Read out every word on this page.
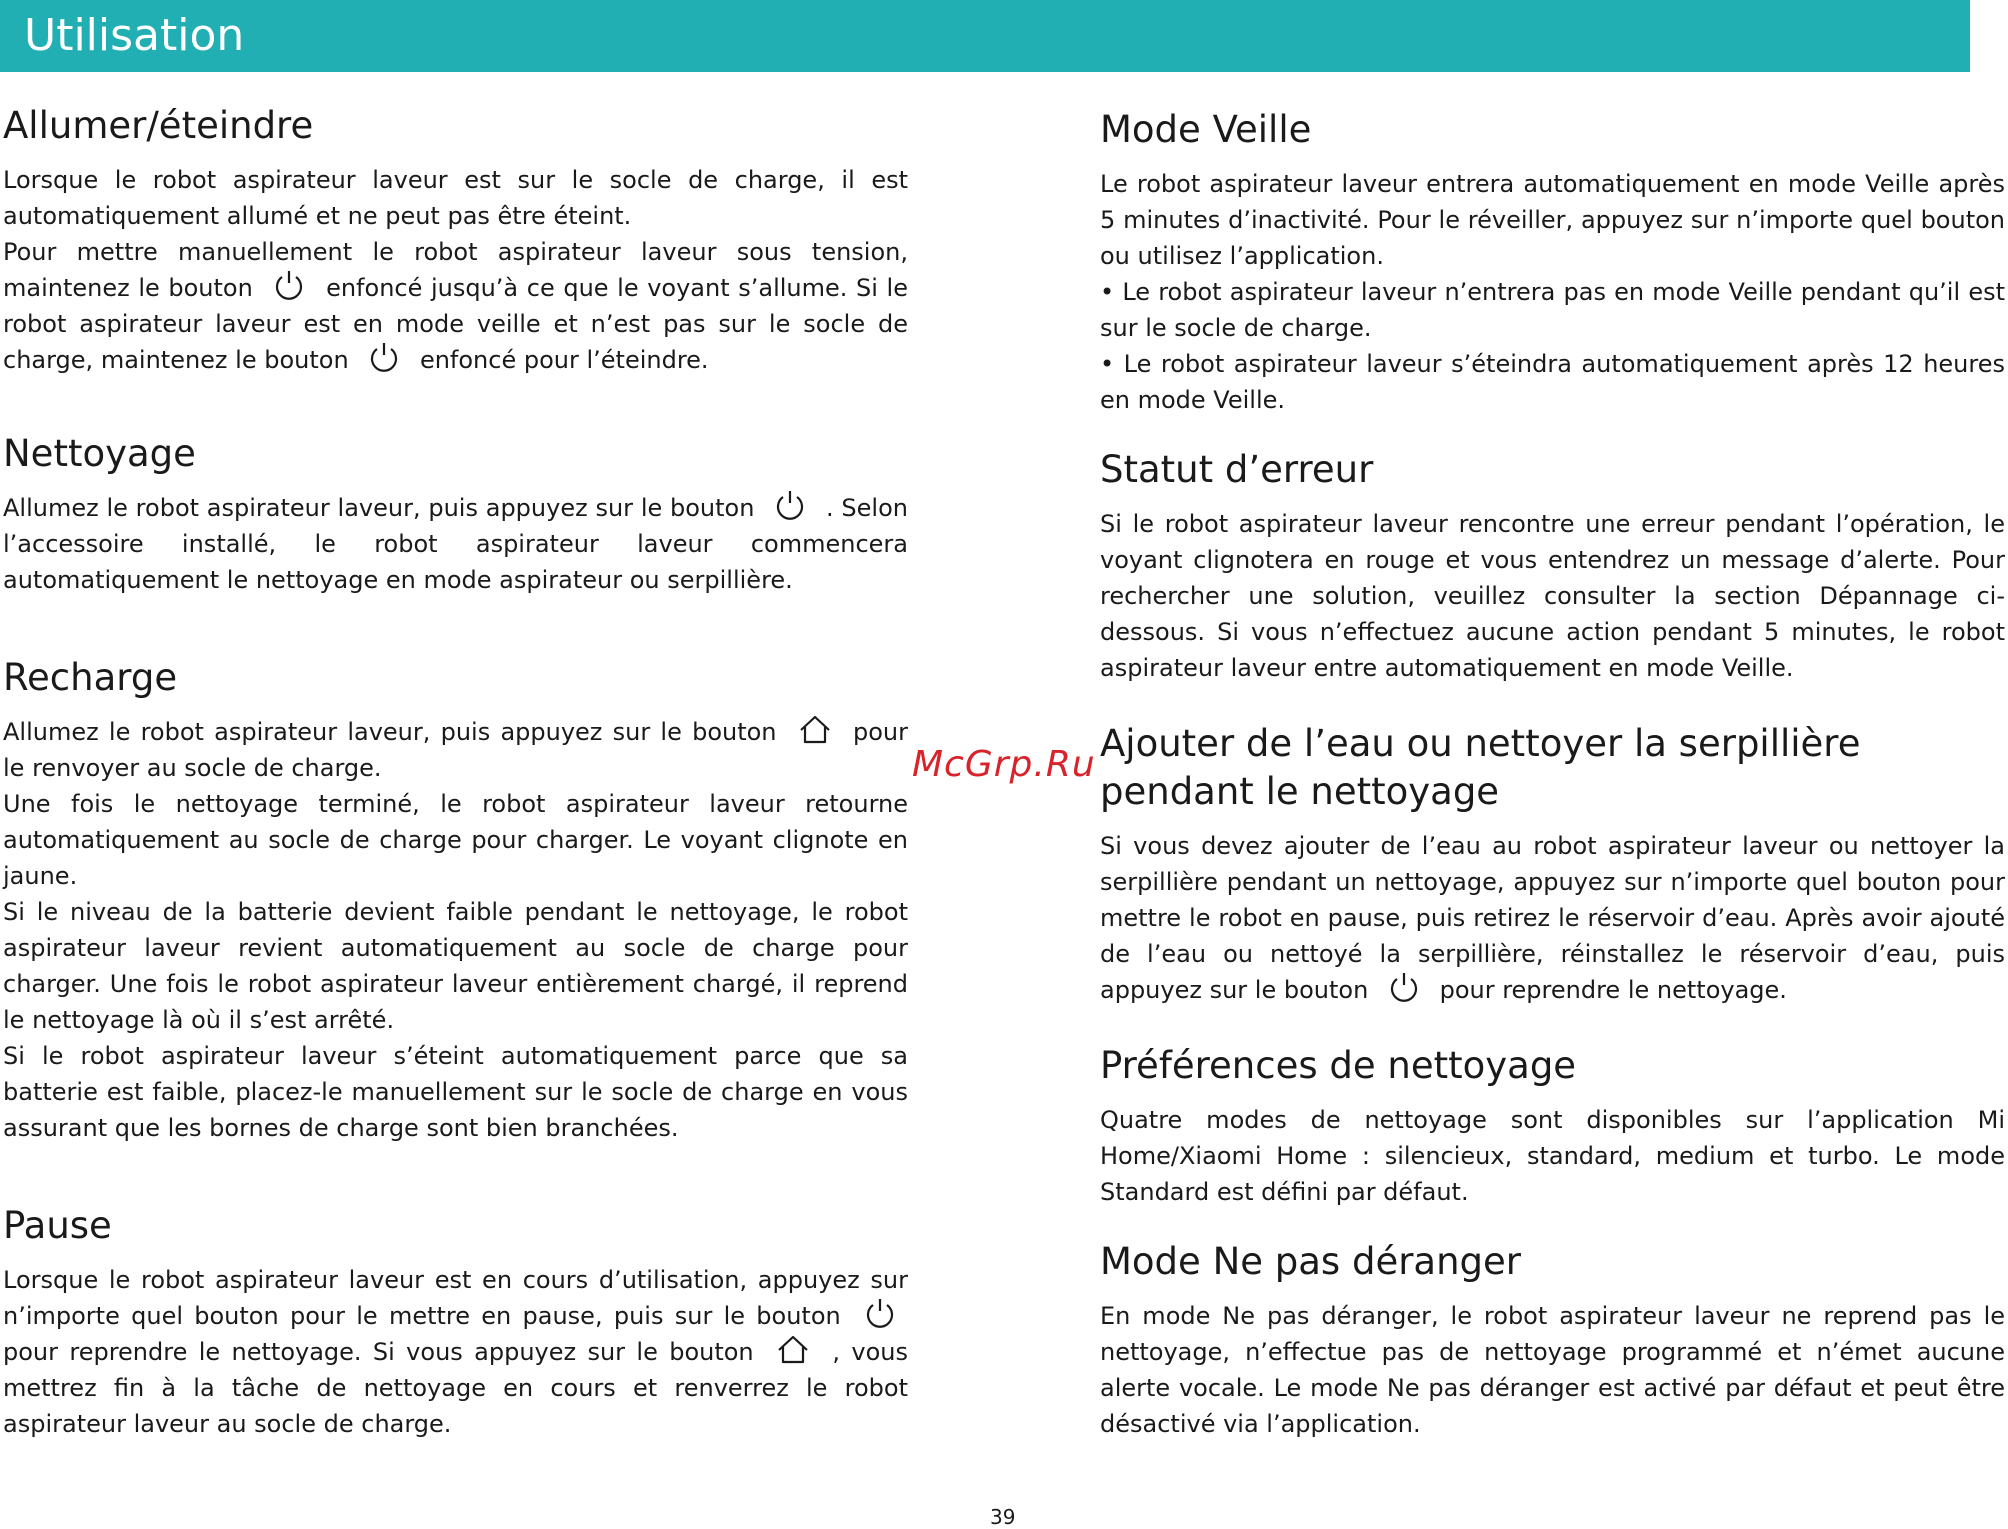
Utilisation
Allumer/éteindre

Lorsque le robot aspirateur laveur est sur le socle de charge, il est automatiquement allumé et ne peut pas être éteint.

Pour mettre manuellement le robot aspirateur laveur sous tension, maintenez le bouton	enfoncé jusqu’à ce que le voyant s’allume. Si le robot aspirateur laveur est en mode veille et n’est pas sur le socle de charge, maintenez le bouton	enfoncé pour l’éteindre.

Nettoyage

Allumez le robot aspirateur laveur, puis appuyez sur le bouton	. Selon l’accessoire installé, le robot aspirateur laveur commencera automatiquement le nettoyage en mode aspirateur ou serpillière.

Recharge

Allumez le robot aspirateur laveur, puis appuyez sur le bouton	pour le renvoyer au socle de charge.

Une fois le nettoyage terminé, le robot aspirateur laveur retourne automatiquement au socle de charge pour charger. Le voyant clignote en jaune.

Si le niveau de la batterie devient faible pendant le nettoyage, le robot aspirateur laveur revient automatiquement au socle de charge pour charger. Une fois le robot aspirateur laveur entièrement chargé, il reprend le nettoyage là où il s’est arrêté.

Si le robot aspirateur laveur s’éteint automatiquement parce que sa batterie est faible, placez-le manuellement sur le socle de charge en vous assurant que les bornes de charge sont bien branchées.

Pause

Lorsque le robot aspirateur laveur est en cours d’utilisation, appuyez sur n’importe quel bouton pour le mettre en pause, puis sur le bouton
pour reprendre le nettoyage. Si vous appuyez sur le bouton	, vous mettrez fin à la tâche de nettoyage en cours et renverrez le robot aspirateur laveur au socle de charge.

Mode Veille

Le robot aspirateur laveur entrera automatiquement en mode Veille après 5 minutes d’inactivité. Pour le réveiller, appuyez sur n’importe quel bouton ou utilisez l’application.

• Le robot aspirateur laveur n’entrera pas en mode Veille pendant qu’il est sur le socle de charge.

• Le robot aspirateur laveur s’éteindra automatiquement après 12 heures en mode Veille.

Statut d’erreur

Si le robot aspirateur laveur rencontre une erreur pendant l’opération, le voyant clignotera en rouge et vous entendrez un message d’alerte. Pour rechercher une solution, veuillez consulter la section Dépannage ci-dessous. Si vous n’effectuez aucune action pendant 5 minutes, le robot aspirateur laveur entre automatiquement en mode Veille.

Ajouter de l’eau ou nettoyer la serpillière pendant le nettoyage

Si vous devez ajouter de l’eau au robot aspirateur laveur ou nettoyer la serpillière pendant un nettoyage, appuyez sur n’importe quel bouton pour mettre le robot en pause, puis retirez le réservoir d’eau. Après avoir ajouté de l’eau ou nettoyé la serpillière, réinstallez le réservoir d’eau, puis appuyez sur le bouton	pour reprendre le nettoyage.

Préférences de nettoyage

Quatre modes de nettoyage sont disponibles sur l’application Mi Home/Xiaomi Home : silencieux, standard, medium et turbo. Le mode Standard est défini par défaut.

Mode Ne pas déranger

En mode Ne pas déranger, le robot aspirateur laveur ne reprend pas le nettoyage, n’effectue pas de nettoyage programmé et n’émet aucune alerte vocale. Le mode Ne pas déranger est activé par défaut et peut être désactivé via l’application.

McGrp.Ru
39
